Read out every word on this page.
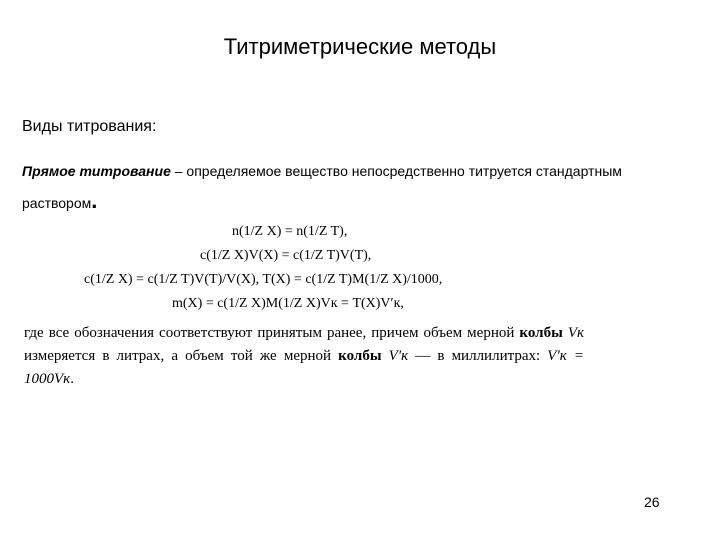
Титриметрические методы
Виды титрования:
Прямое титрование – определяемое вещество непосредственно титруется стандартным раствором.
n(1/Z X) = n(1/Z T),
c(1/Z X)V(X) = c(1/Z T)V(T),
c(1/Z X) = c(1/Z T)V(T)/V(X), T(X) = c(1/Z T)M(1/Z X)/1000,
m(X) = c(1/Z X)M(1/Z X)Vк = T(X)V′к,
где все обозначения соответствуют принятым ранее, причем объем мерной колбы Vк измеряется в литрах, а объем той же мерной колбы V′к — в миллилитрах: V′к = 1000Vк.
26
